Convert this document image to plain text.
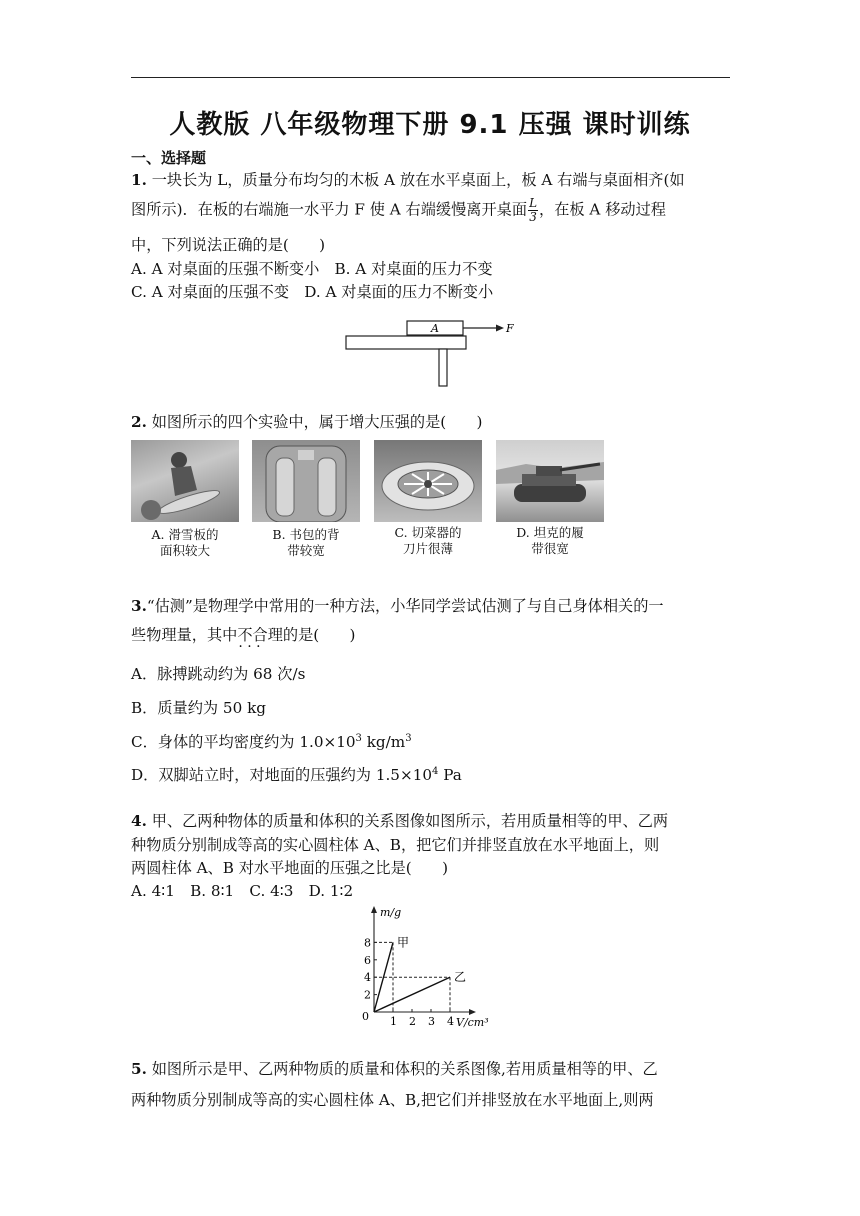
人教版 八年级物理下册 9.1 压强 课时训练
一、选择题
1. 一块长为 L，质量分布均匀的木板 A 放在水平桌面上，板 A 右端与桌面相齐(如
图所示)．在板的右端施一水平力 F 使 A 右端缓慢离开桌面 $\frac{L}{3}$ ，在板 A 移动过程
中，下列说法正确的是(　　)
A. A 对桌面的压强不断变小　B. A 对桌面的压力不变
C. A 对桌面的压强不变　D. A 对桌面的压力不断变小
A	F
2. 如图所示的四个实验中，属于增大压强的是(　　)
A. 滑雪板的
面积较大
B. 书包的背
带较宽
C. 切菜器的
刀片很薄
D. 坦克的履
带很宽
3.“估测”是物理学中常用的一种方法，小华同学尝试估测了与自己身体相关的一
些物理量，其中不合理 · · ·的是(　　)
A．脉搏跳动约为 68 次/s
B．质量约为 50 kg
C．身体的平均密度约为 $1.0\times 10^3$ $kg/m^3$
D．双脚站立时，对地面的压强约为 $1.5\times 10^4$ Pa
4. 甲、乙两种物体的质量和体积的关系图像如图所示，若用质量相等的甲、乙两
种物质分别制成等高的实心圆柱体 A、B，把它们并排竖直放在水平地面上，则
两圆柱体 A、B 对水平地面的压强之比是(　　)
A. 4∶1　B. 8∶1　C. 4∶3　D. 1∶2
m/g
V/cm³
0 1 2 3 4
2
4
6
8 甲
乙
5. 如图所示是甲、乙两种物质的质量和体积的关系图像,若用质量相等的甲、乙
两种物质分别制成等高的实心圆柱体 A、B,把它们并排竖放在水平地面上,则两
